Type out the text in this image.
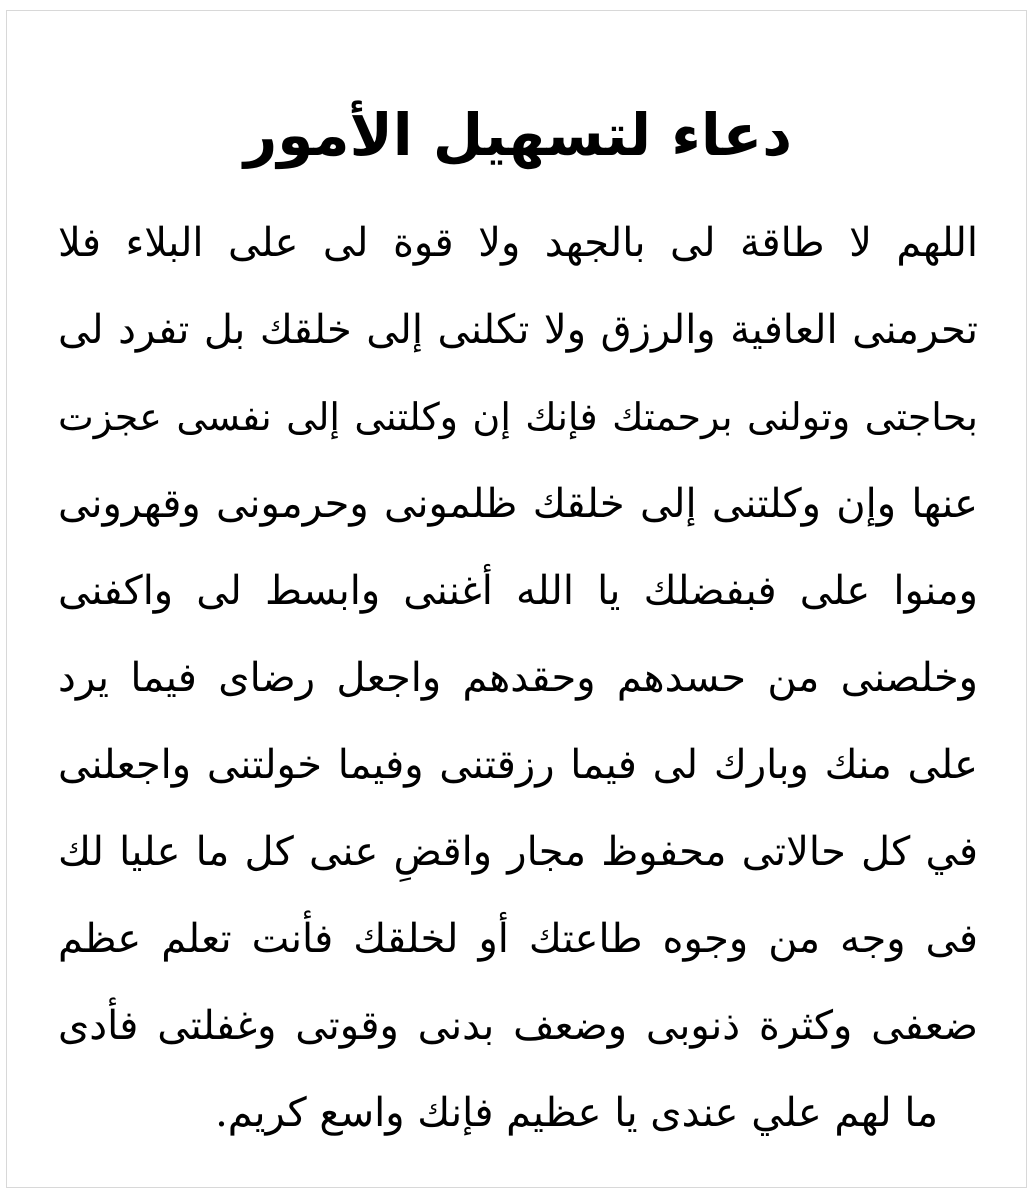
دعاء لتسهيل الأمور
اللهم لا طاقة لى بالجهد ولا قوة لى على البلاء فلا
تحرمنى العافية والرزق ولا تكلنى إلى خلقك بل تفرد لى
بحاجتى وتولنى برحمتك فإنك إن وكلتنى إلى نفسى عجزت
عنها وإن وكلتنى إلى خلقك ظلمونى وحرمونى وقهرونى
ومنوا على فبفضلك يا الله أغننى وابسط لى واكفنى
وخلصنى من حسدهم وحقدهم واجعل رضاى فيما يرد
على منك وبارك لى فيما رزقتنى وفيما خولتنى واجعلنى
في كل حالاتى محفوظ مجار واقضِ عنى كل ما عليا لك
فى وجه من وجوه طاعتك أو لخلقك فأنت تعلم عظم
ضعفى وكثرة ذنوبى وضعف بدنى وقوتى وغفلتى فأدى
ما لهم علي عندى يا عظيم فإنك واسع كريم.
